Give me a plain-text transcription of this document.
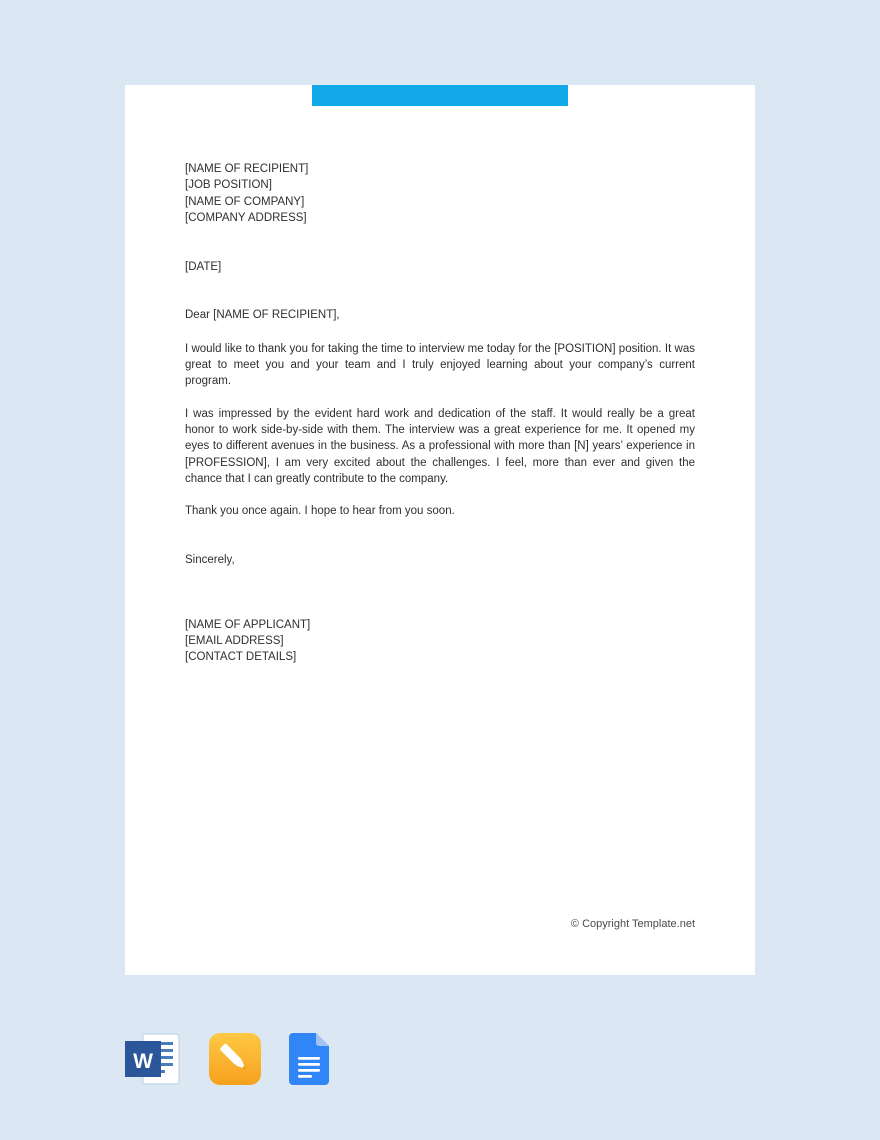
[NAME OF RECIPIENT]
[JOB POSITION]
[NAME OF COMPANY]
[COMPANY ADDRESS]
[DATE]
Dear [NAME OF RECIPIENT],

I would like to thank you for taking the time to interview me today for the [POSITION] position. It was great to meet you and your team and I truly enjoyed learning about your company’s current program.

I was impressed by the evident hard work and dedication of the staff. It would really be a great honor to work side-by-side with them. The interview was a great experience for me. It opened my eyes to different avenues in the business. As a professional with more than [N] years’ experience in [PROFESSION], I am very excited about the challenges. I feel, more than ever and given the chance that I can greatly contribute to the company.

Thank you once again. I hope to hear from you soon.

Sincerely,
[NAME OF APPLICANT]
[EMAIL ADDRESS]
[CONTACT DETAILS]
© Copyright Template.net
W
